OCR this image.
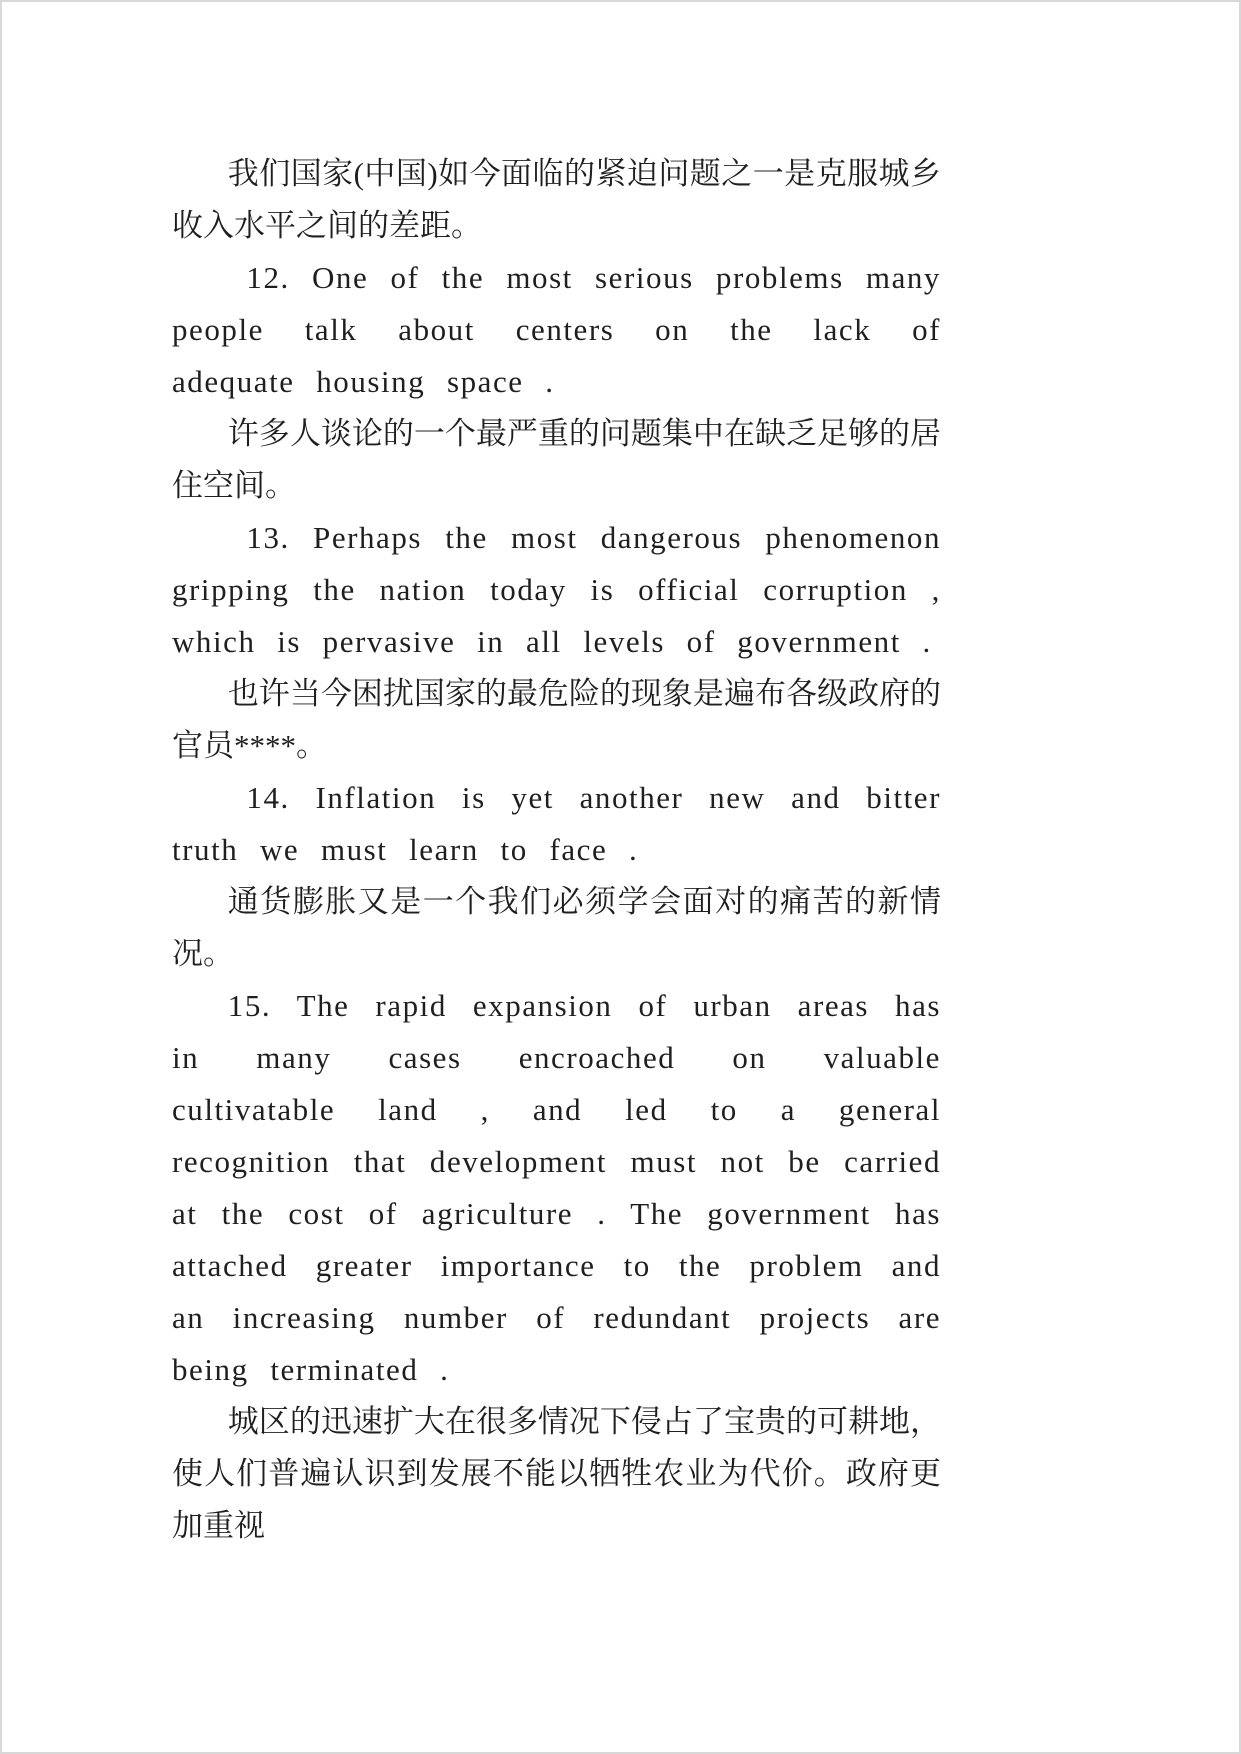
我们国家(中国)如今面临的紧迫问题之一是克服城乡收入水平之间的差距。

12. One of the most serious problems many people talk about centers on the lack of adequate housing space .

许多人谈论的一个最严重的问题集中在缺乏足够的居住空间。

13. Perhaps the most dangerous phenomenon gripping the nation today is official corruption , which is pervasive in all levels of government .

也许当今困扰国家的最危险的现象是遍布各级政府的官员****。

14. Inflation is yet another new and bitter truth we must learn to face .

通货膨胀又是一个我们必须学会面对的痛苦的新情况。

15. The rapid expansion of urban areas has in many cases encroached on valuable cultivatable land , and led to a general recognition that development must not be carried at the cost of agriculture . The government has attached greater importance to the problem and an increasing number of redundant projects are being terminated .

城区的迅速扩大在很多情况下侵占了宝贵的可耕地，使人们普遍认识到发展不能以牺牲农业为代价。政府更加重视
